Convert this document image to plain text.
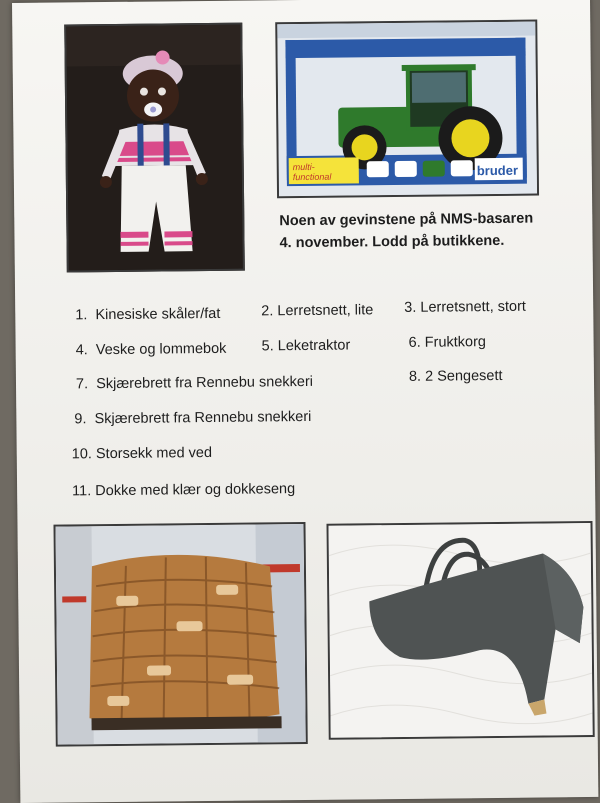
multi-
functional	bruder
Noen av gevinstene på NMS-basaren
4. november. Lodd på butikkene.
1. Kinesiske skåler/fat	2. Lerretsnett, lite 3. Lerretsnett, stort
4. Veske og lommebok 5. Leketraktor	6. Fruktkorg
7. Skjærebrett fra Rennebu snekkeri	8. 2 Sengesett
9. Skjærebrett fra Rennebu snekkeri
10. Storsekk med ved
11. Dokke med klær og dokkeseng
